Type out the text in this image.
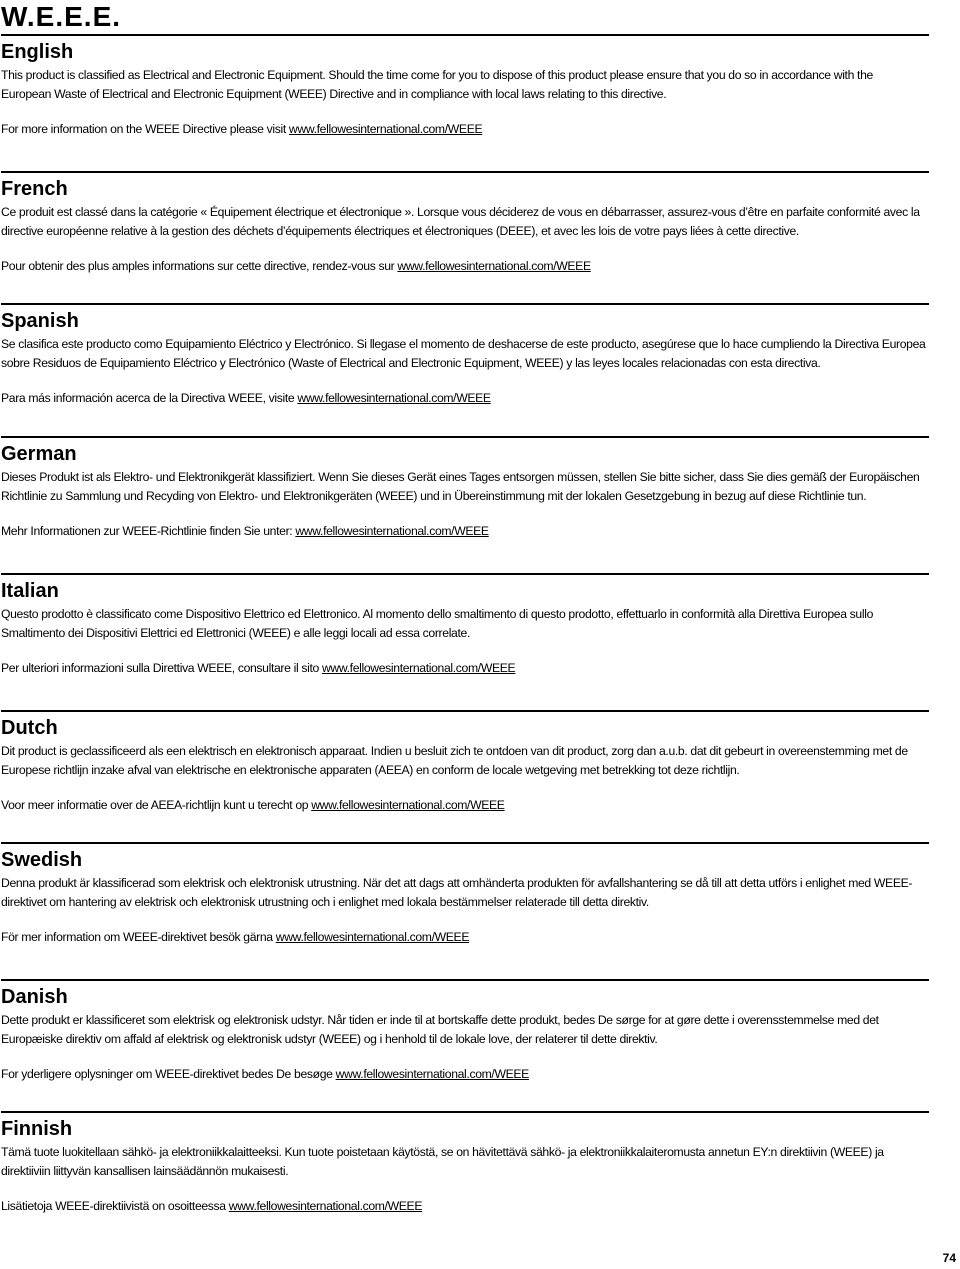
W.E.E.E.
English

This product is classified as Electrical and Electronic Equipment. Should the time come for you to dispose of this product please ensure that you do so in accordance with the European Waste of Electrical and Electronic Equipment (WEEE) Directive and in compliance with local laws relating to this directive.

For more information on the WEEE Directive please visit www.fellowesinternational.com/WEEE

French

Ce produit est classé dans la catégorie « Équipement électrique et électronique ». Lorsque vous déciderez de vous en débarrasser, assurez-vous d’être en parfaite conformité avec la directive européenne relative à la gestion des déchets d’équipements électriques et électroniques (DEEE), et avec les lois de votre pays liées à cette directive.

Pour obtenir des plus amples informations sur cette directive, rendez-vous sur www.fellowesinternational.com/WEEE

Spanish

Se clasifica este producto como Equipamiento Eléctrico y Electrónico. Si llegase el momento de deshacerse de este producto, asegúrese que lo hace cumpliendo la Directiva Europea sobre Residuos de Equipamiento Eléctrico y Electrónico (Waste of Electrical and Electronic Equipment, WEEE) y las leyes locales relacionadas con esta directiva.

Para más información acerca de la Directiva WEEE, visite www.fellowesinternational.com/WEEE

German

Dieses Produkt ist als Elektro- und Elektronikgerät klassifiziert. Wenn Sie dieses Gerät eines Tages entsorgen müssen, stellen Sie bitte sicher, dass Sie dies gemäß der Europäischen Richtlinie zu Sammlung und Recyding von Elektro- und Elektronikgeräten (WEEE) und in Übereinstimmung mit der lokalen Gesetzgebung in bezug auf diese Richtlinie tun.

Mehr Informationen zur WEEE-Richtlinie finden Sie unter: www.fellowesinternational.com/WEEE

Italian

Questo prodotto è classificato come Dispositivo Elettrico ed Elettronico. Al momento dello smaltimento di questo prodotto, effettuarlo in conformità alla Direttiva Europea sullo Smaltimento dei Dispositivi Elettrici ed Elettronici (WEEE) e alle leggi locali ad essa correlate.

Per ulteriori informazioni sulla Direttiva WEEE, consultare il sito www.fellowesinternational.com/WEEE

Dutch

Dit product is geclassificeerd als een elektrisch en elektronisch apparaat. Indien u besluit zich te ontdoen van dit product, zorg dan a.u.b. dat dit gebeurt in overeenstemming met de Europese richtlijn inzake afval van elektrische en elektronische apparaten (AEEA) en conform de locale wetgeving met betrekking tot deze richtlijn.

Voor meer informatie over de AEEA-richtlijn kunt u terecht op www.fellowesinternational.com/WEEE

Swedish

Denna produkt är klassificerad som elektrisk och elektronisk utrustning. När det att dags att omhänderta produkten för avfallshantering se då till att detta utförs i enlighet med WEEE-direktivet om hantering av elektrisk och elektronisk utrustning och i enlighet med lokala bestämmelser relaterade till detta direktiv.

För mer information om WEEE-direktivet besök gärna www.fellowesinternational.com/WEEE

Danish

Dette produkt er klassificeret som elektrisk og elektronisk udstyr. Når tiden er inde til at bortskaffe dette produkt, bedes De sørge for at gøre dette i overensstemmelse med det Europæiske direktiv om affald af elektrisk og elektronisk udstyr (WEEE) og i henhold til de lokale love, der relaterer til dette direktiv.

For yderligere oplysninger om WEEE-direktivet bedes De besøge www.fellowesinternational.com/WEEE

Finnish

Tämä tuote luokitellaan sähkö- ja elektroniikkalaitteeksi. Kun tuote poistetaan käytöstä, se on hävitettävä sähkö- ja elektroniikkalaiteromusta annetun EY:n direktiivin (WEEE) ja direktiiviin liittyvän kansallisen lainsäädännön mukaisesti.

Lisätietoja WEEE-direktiivistä on osoitteessa www.fellowesinternational.com/WEEE

74
